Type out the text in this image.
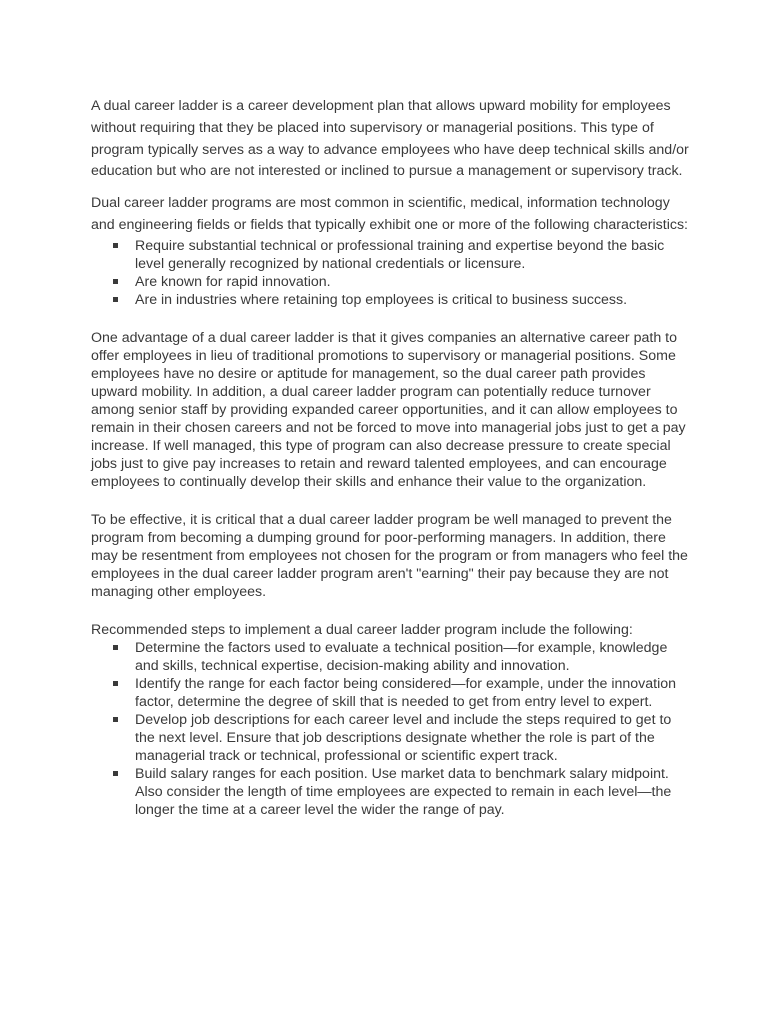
A dual career ladder is a career development plan that allows upward mobility for employees without requiring that they be placed into supervisory or managerial positions. This type of program typically serves as a way to advance employees who have deep technical skills and/or education but who are not interested or inclined to pursue a management or supervisory track.

Dual career ladder programs are most common in scientific, medical, information technology and engineering fields or fields that typically exhibit one or more of the following characteristics:

Require substantial technical or professional training and expertise beyond the basic level generally recognized by national credentials or licensure.
Are known for rapid innovation.
Are in industries where retaining top employees is critical to business success.

One advantage of a dual career ladder is that it gives companies an alternative career path to offer employees in lieu of traditional promotions to supervisory or managerial positions. Some employees have no desire or aptitude for management, so the dual career path provides upward mobility. In addition, a dual career ladder program can potentially reduce turnover among senior staff by providing expanded career opportunities, and it can allow employees to remain in their chosen careers and not be forced to move into managerial jobs just to get a pay increase. If well managed, this type of program can also decrease pressure to create special jobs just to give pay increases to retain and reward talented employees, and can encourage employees to continually develop their skills and enhance their value to the organization.

To be effective, it is critical that a dual career ladder program be well managed to prevent the program from becoming a dumping ground for poor-performing managers. In addition, there may be resentment from employees not chosen for the program or from managers who feel the employees in the dual career ladder program aren't "earning" their pay because they are not managing other employees.

Recommended steps to implement a dual career ladder program include the following:

Determine the factors used to evaluate a technical position—for example, knowledge and skills, technical expertise, decision-making ability and innovation.
Identify the range for each factor being considered—for example, under the innovation factor, determine the degree of skill that is needed to get from entry level to expert.
Develop job descriptions for each career level and include the steps required to get to the next level. Ensure that job descriptions designate whether the role is part of the managerial track or technical, professional or scientific expert track.
Build salary ranges for each position. Use market data to benchmark salary midpoint. Also consider the length of time employees are expected to remain in each level—the longer the time at a career level the wider the range of pay.
